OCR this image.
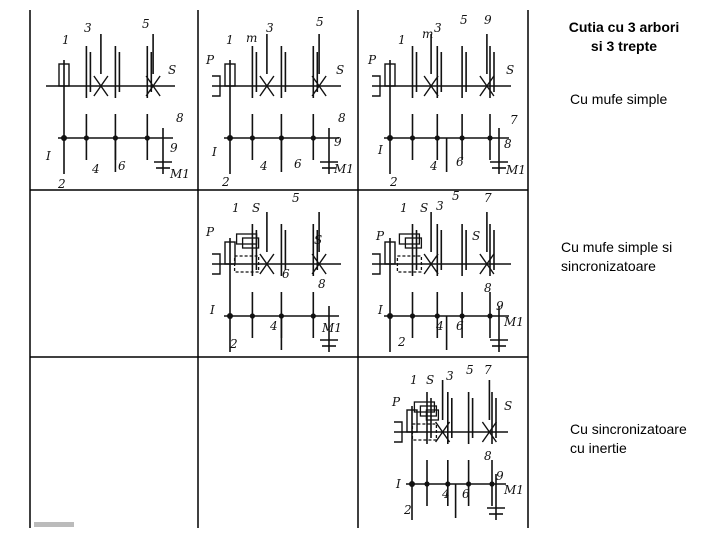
1
2
3
4
5
6
8
9
S
I
M1
1
2
3
4
5
6
8
9
m
P
S
I
M1
1
2
3
4
5
6
7
8
9
m
P
S
I
M1
1
2
4
5
6
8
S
P
S
I
M1
1
2
3
4
5
6
7
8
9
S
P	S
I
M1
1
2
3
4
5
6
7
8
9
S
P	S
I	M1
Cutia cu 3 arbori
si 3 trepte
Cu mufe simple
Cu mufe simple si
sincronizatoare
Cu sincronizatoare
cu inertie
